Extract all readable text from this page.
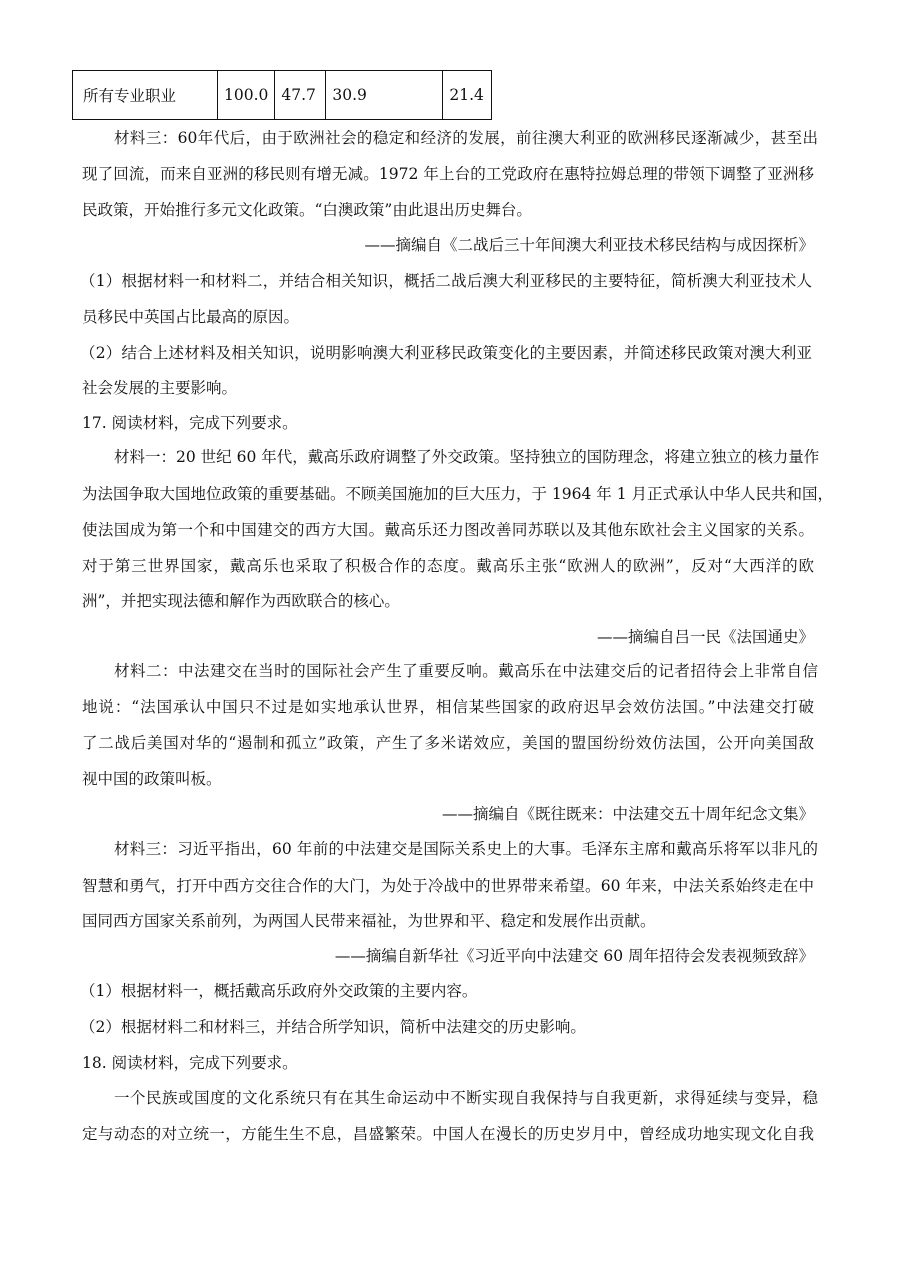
所有专业职业	100.0	47.7	30.9	21.4
材料三：60年代后，由于欧洲社会的稳定和经济的发展，前往澳大利亚的欧洲移民逐渐减少，甚至出
现了回流，而来自亚洲的移民则有增无减。1972 年上台的工党政府在惠特拉姆总理的带领下调整了亚洲移
民政策，开始推行多元文化政策。“白澳政策”由此退出历史舞台。
——摘编自《二战后三十年间澳大利亚技术移民结构与成因探析》
（1）根据材料一和材料二，并结合相关知识，概括二战后澳大利亚移民的主要特征，简析澳大利亚技术人
员移民中英国占比最高的原因。
（2）结合上述材料及相关知识，说明影响澳大利亚移民政策变化的主要因素，并简述移民政策对澳大利亚
社会发展的主要影响。
17. 阅读材料，完成下列要求。
材料一：20 世纪 60 年代，戴高乐政府调整了外交政策。坚持独立的国防理念，将建立独立的核力量作
为法国争取大国地位政策的重要基础。不顾美国施加的巨大压力，于 1964 年 1 月正式承认中华人民共和国，
使法国成为第一个和中国建交的西方大国。戴高乐还力图改善同苏联以及其他东欧社会主义国家的关系。
对于第三世界国家，戴高乐也采取了积极合作的态度。戴高乐主张“欧洲人的欧洲”，反对“大西洋的欧
洲”，并把实现法德和解作为西欧联合的核心。
——摘编自吕一民《法国通史》
材料二：中法建交在当时的国际社会产生了重要反响。戴高乐在中法建交后的记者招待会上非常自信
地说：“法国承认中国只不过是如实地承认世界，相信某些国家的政府迟早会效仿法国。”中法建交打破
了二战后美国对华的“遏制和孤立”政策，产生了多米诺效应，美国的盟国纷纷效仿法国，公开向美国敌
视中国的政策叫板。
——摘编自《既往既来：中法建交五十周年纪念文集》
材料三：习近平指出，60 年前的中法建交是国际关系史上的大事。毛泽东主席和戴高乐将军以非凡的
智慧和勇气，打开中西方交往合作的大门，为处于冷战中的世界带来希望。60 年来，中法关系始终走在中
国同西方国家关系前列，为两国人民带来福祉，为世界和平、稳定和发展作出贡献。
——摘编自新华社《习近平向中法建交 60 周年招待会发表视频致辞》
（1）根据材料一，概括戴高乐政府外交政策的主要内容。
（2）根据材料二和材料三，并结合所学知识，简析中法建交的历史影响。
18. 阅读材料，完成下列要求。
一个民族或国度的文化系统只有在其生命运动中不断实现自我保持与自我更新，求得延续与变异，稳
定与动态的对立统一，方能生生不息，昌盛繁荣。中国人在漫长的历史岁月中，曾经成功地实现文化自我
